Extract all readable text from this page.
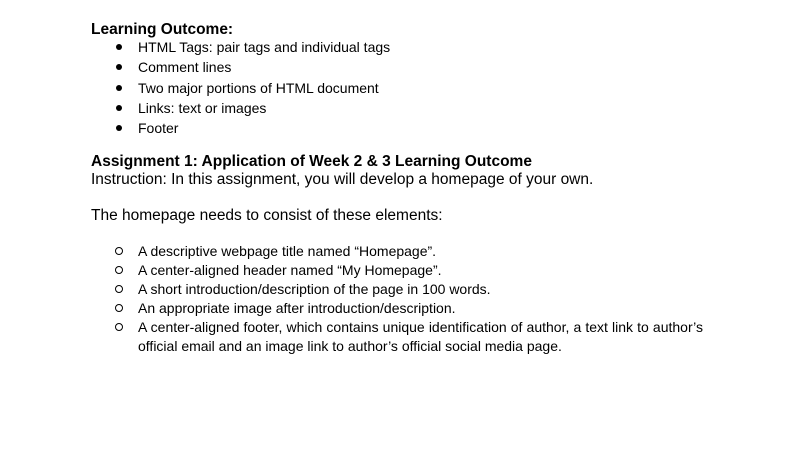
Learning Outcome:
HTML Tags: pair tags and individual tags
Comment lines
Two major portions of HTML document
Links: text or images
Footer
Assignment 1: Application of Week 2 & 3 Learning Outcome
Instruction: In this assignment, you will develop a homepage of your own.
The homepage needs to consist of these elements:
A descriptive webpage title named “Homepage”.
A center-aligned header named “My Homepage”.
A short introduction/description of the page in 100 words.
An appropriate image after introduction/description.
A center-aligned footer, which contains unique identification of author, a text link to author’s official email and an image link to author’s official social media page.
